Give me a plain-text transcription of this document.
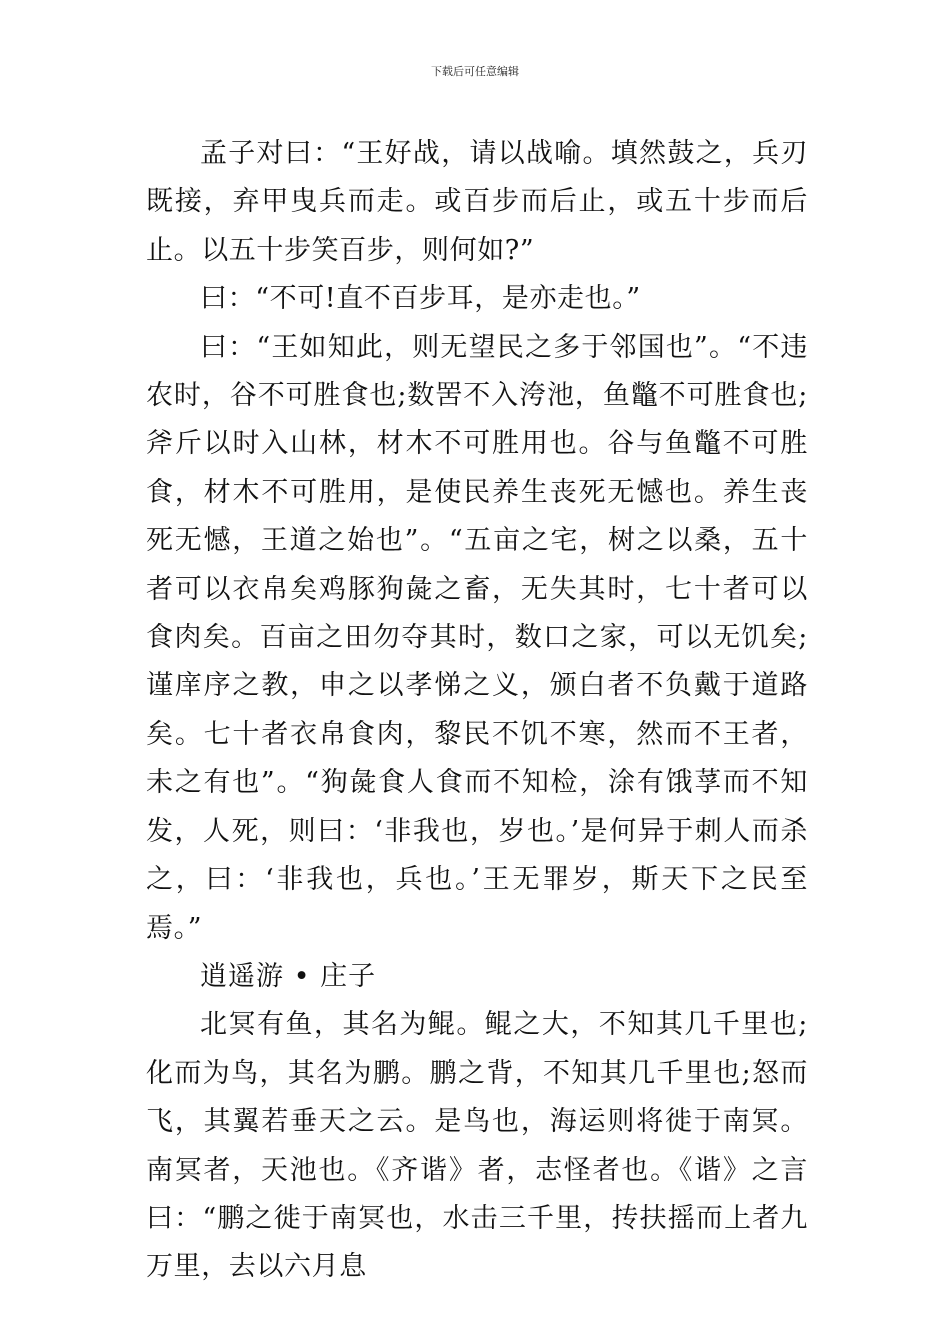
下载后可任意编辑

孟子对曰：“王好战，请以战喻。填然鼓之，兵刃既接，弃甲曳兵而走。或百步而后止，或五十步而后止。以五十步笑百步，则何如?”

曰：“不可!直不百步耳，是亦走也。”

曰：“王如知此，则无望民之多于邻国也”。“不违农时，谷不可胜食也;数罟不入洿池，鱼鼈不可胜食也;斧斤以时入山林，材木不可胜用也。谷与鱼鼈不可胜食，材木不可胜用，是使民养生丧死无憾也。养生丧死无憾，王道之始也”。“五亩之宅，树之以桑，五十者可以衣帛矣鸡豚狗彘之畜，无失其时，七十者可以食肉矣。百亩之田勿夺其时，数口之家，可以无饥矣;谨庠序之教，申之以孝悌之义，颁白者不负戴于道路矣。七十者衣帛食肉，黎民不饥不寒，然而不王者，未之有也”。“狗彘食人食而不知检，涂有饿莩而不知发，人死，则曰：‘非我也，岁也。’是何异于刺人而杀之，曰：‘非我也，兵也。’王无罪岁，斯天下之民至焉。”

逍遥游 • 庄子

北冥有鱼，其名为鲲。鲲之大，不知其几千里也;化而为鸟，其名为鹏。鹏之背，不知其几千里也;怒而飞，其翼若垂天之云。是鸟也，海运则将徙于南冥。南冥者，天池也。《齐谐》者，志怪者也。《谐》之言曰：“鹏之徙于南冥也，水击三千里，抟扶摇而上者九万里，去以六月息
